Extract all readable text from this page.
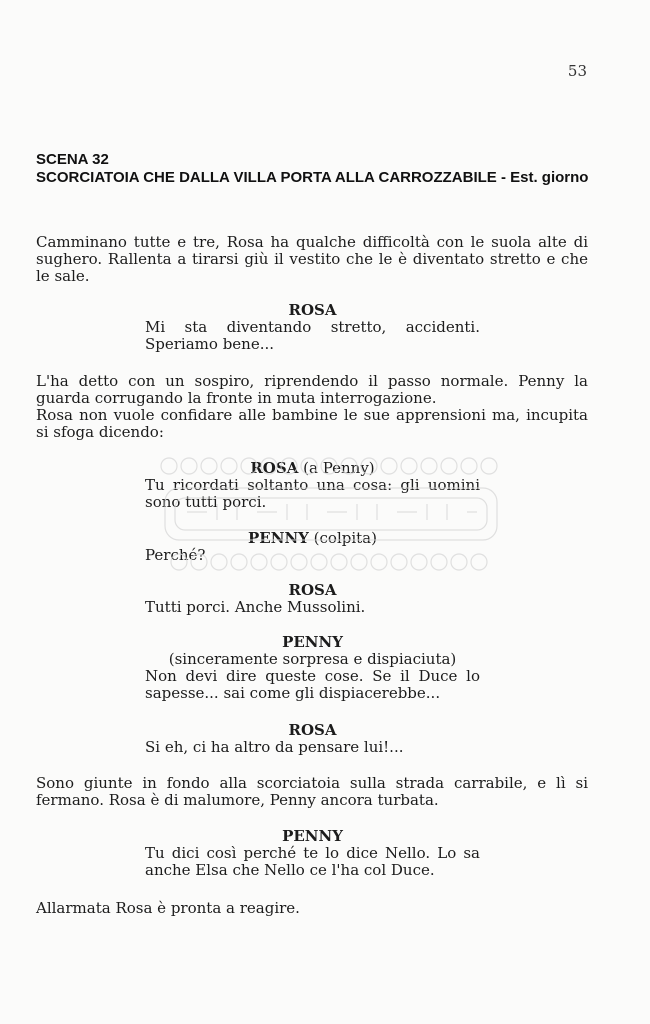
53
SCENA 32
SCORCIATOIA CHE DALLA VILLA PORTA ALLA CARROZZABILE - Est. giorno

Camminano tutte e tre, Rosa ha qualche difficoltà con le suola alte di sughero. Rallenta a tirarsi giù il vestito che le è diventato stretto e che le sale.

ROSA
Mi sta diventando stretto, accidenti. Speriamo bene...

L'ha detto con un sospiro, riprendendo il passo normale. Penny la guarda corrugando la fronte in muta interrogazione.

Rosa non vuole confidare alle bambine le sue apprensioni ma, incupita si sfoga dicendo:

ROSA (a Penny)
Tu ricordati soltanto una cosa: gli uomini sono tutti porci.
PENNY (colpita)
Perché?
ROSA
Tutti porci. Anche Mussolini.
PENNY
(sinceramente sorpresa e dispiaciuta)
Non devi dire queste cose. Se il Duce lo sapesse... sai come gli dispiacerebbe...
ROSA
Si eh, ci ha altro da pensare lui!...

Sono giunte in fondo alla scorciatoia sulla strada carrabile, e lì si fermano. Rosa è di malumore, Penny ancora turbata.

PENNY
Tu dici così perché te lo dice Nello. Lo sa anche Elsa che Nello ce l'ha col Duce.

Allarmata Rosa è pronta a reagire.
